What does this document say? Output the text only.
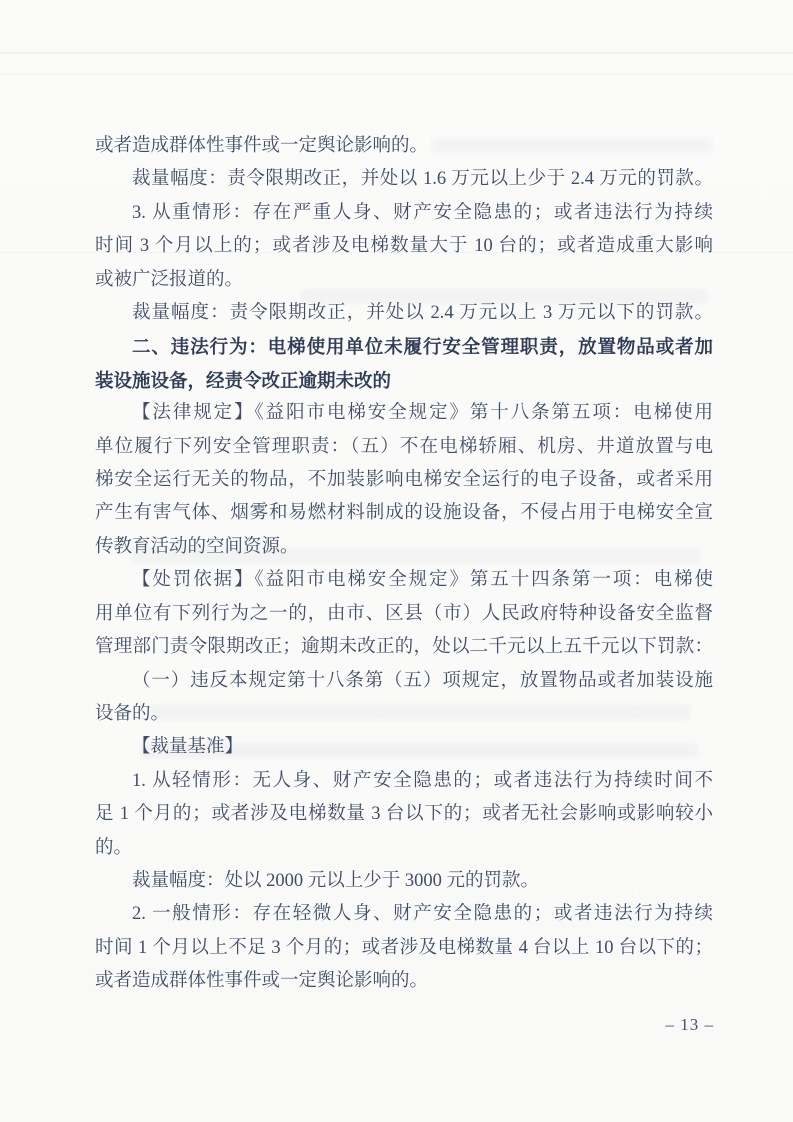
或者造成群体性事件或一定舆论影响的。

裁量幅度：责令限期改正，并处以 1.6 万元以上少于 2.4 万元的罚款。

3. 从重情形：存在严重人身、财产安全隐患的；或者违法行为持续
时间 3 个月以上的；或者涉及电梯数量大于 10 台的；或者造成重大影响
或被广泛报道的。

裁量幅度：责令限期改正，并处以 2.4 万元以上 3 万元以下的罚款。

二、违法行为：电梯使用单位未履行安全管理职责，放置物品或者加
装设施设备，经责令改正逾期未改的

【法律规定】《益阳市电梯安全规定》第十八条第五项：电梯使用
单位履行下列安全管理职责：（五）不在电梯轿厢、机房、井道放置与电
梯安全运行无关的物品，不加装影响电梯安全运行的电子设备，或者采用
产生有害气体、烟雾和易燃材料制成的设施设备，不侵占用于电梯安全宣
传教育活动的空间资源。

【处罚依据】《益阳市电梯安全规定》第五十四条第一项：电梯使
用单位有下列行为之一的，由市、区县（市）人民政府特种设备安全监督
管理部门责令限期改正；逾期未改正的，处以二千元以上五千元以下罚款：

（一）违反本规定第十八条第（五）项规定，放置物品或者加装设施
设备的。

【裁量基准】

1. 从轻情形：无人身、财产安全隐患的；或者违法行为持续时间不
足 1 个月的；或者涉及电梯数量 3 台以下的；或者无社会影响或影响较小
的。

裁量幅度：处以 2000 元以上少于 3000 元的罚款。

2. 一般情形：存在轻微人身、财产安全隐患的；或者违法行为持续
时间 1 个月以上不足 3 个月的；或者涉及电梯数量 4 台以上 10 台以下的；
或者造成群体性事件或一定舆论影响的。

– 13 –
